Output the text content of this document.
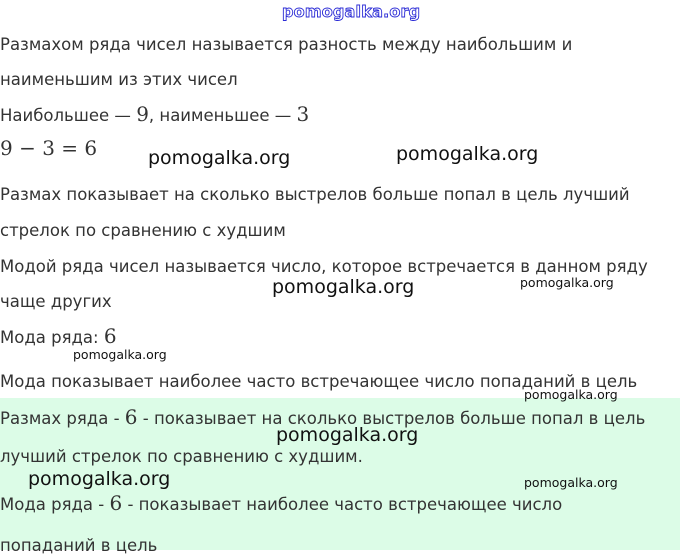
pomogalka.org
Размахом ряда чисел называется разность между наибольшим и
наименьшим из этих чисел
Наибольшее — 9, наименьшее — 3
9 − 3 = 6
Размах показывает на сколько выстрелов больше попал в цель лучший
стрелок по сравнению с худшим
Модой ряда чисел называется число, которое встречается в данном ряду
чаще других
Мода ряда: 6
Мода показывает наиболее часто встречающее число попаданий в цель
Размах ряда - 6 - показывает на сколько выстрелов больше попал в цель
лучший стрелок по сравнению с худшим.
Мода ряда - 6 - показывает наиболее часто встречающее число
попаданий в цель
pomogalka.org	pomogalka.org
pomogalka.org	pomogalka.org
pomogalka.org
pomogalka.org
pomogalka.org
pomogalka.org	pomogalka.org
